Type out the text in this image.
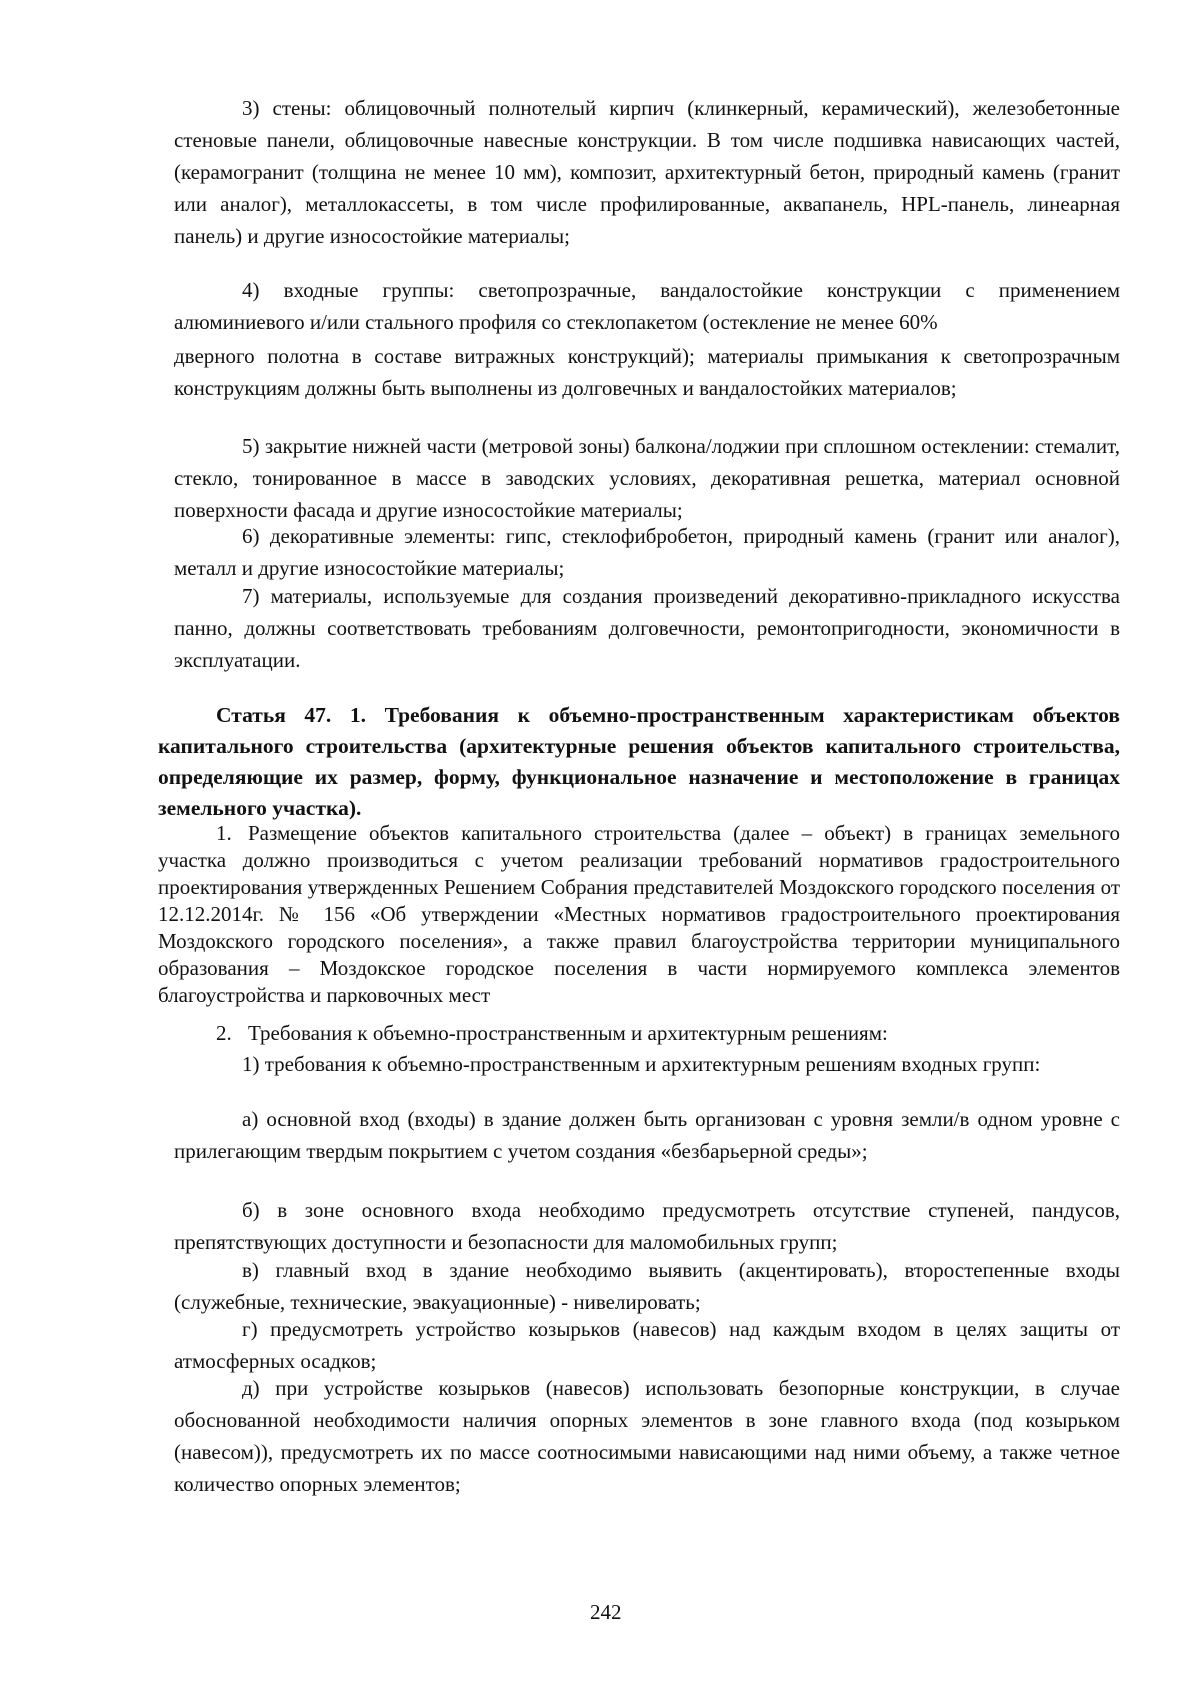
3) стены: облицовочный полнотелый кирпич (клинкерный, керамический), железобетонные стеновые панели, облицовочные навесные конструкции. В том числе подшивка нависающих частей, (керамогранит (толщина не менее 10 мм), композит, архитектурный бетон, природный камень (гранит или аналог), металлокассеты, в том числе профилированные, аквапанель, HPL-панель, линеарная панель) и другие износостойкие материалы;

4) входные группы: светопрозрачные, вандалостойкие конструкции с применением алюминиевого и/или стального профиля со стеклопакетом (остекление не менее 60%

дверного полотна в составе витражных конструкций); материалы примыкания к светопрозрачным конструкциям должны быть выполнены из долговечных и вандалостойких материалов;

5) закрытие нижней части (метровой зоны) балкона/лоджии при сплошном остеклении: стемалит, стекло, тонированное в массе в заводских условиях, декоративная решетка, материал основной поверхности фасада и другие износостойкие материалы;

6) декоративные элементы: гипс, стеклофибробетон, природный камень (гранит или аналог), металл и другие износостойкие материалы;

7) материалы, используемые для создания произведений декоративно-прикладного искусства панно, должны соответствовать требованиям долговечности, ремонтопригодности, экономичности в эксплуатации.

Статья 47. 1. Требования к объемно-пространственным характеристикам объектов капитального строительства (архитектурные решения объектов капитального строительства, определяющие их размер, форму, функциональное назначение и местоположение в границах земельного участка).

1. Размещение объектов капитального строительства (далее – объект) в границах земельного участка должно производиться с учетом реализации требований нормативов градостроительного проектирования утвержденных Решением Собрания представителей Моздокского городского поселения от 12.12.2014г. № 156 «Об утверждении «Местных нормативов градостроительного проектирования Моздокского городского поселения», а также правил благоустройства территории муниципального образования – Моздокское городское поселения в части нормируемого комплекса элементов благоустройства и парковочных мест

2. Требования к объемно-пространственным и архитектурным решениям:

1) требования к объемно-пространственным и архитектурным решениям входных групп:

а) основной вход (входы) в здание должен быть организован с уровня земли/в одном уровне с прилегающим твердым покрытием с учетом создания «безбарьерной среды»;

б) в зоне основного входа необходимо предусмотреть отсутствие ступеней, пандусов, препятствующих доступности и безопасности для маломобильных групп;

в) главный вход в здание необходимо выявить (акцентировать), второстепенные входы (служебные, технические, эвакуационные) - нивелировать;

г) предусмотреть устройство козырьков (навесов) над каждым входом в целях защиты от атмосферных осадков;

д) при устройстве козырьков (навесов) использовать безопорные конструкции, в случае обоснованной необходимости наличия опорных элементов в зоне главного входа (под козырьком (навесом)), предусмотреть их по массе соотносимыми нависающими над ними объему, а также четное количество опорных элементов;

242
